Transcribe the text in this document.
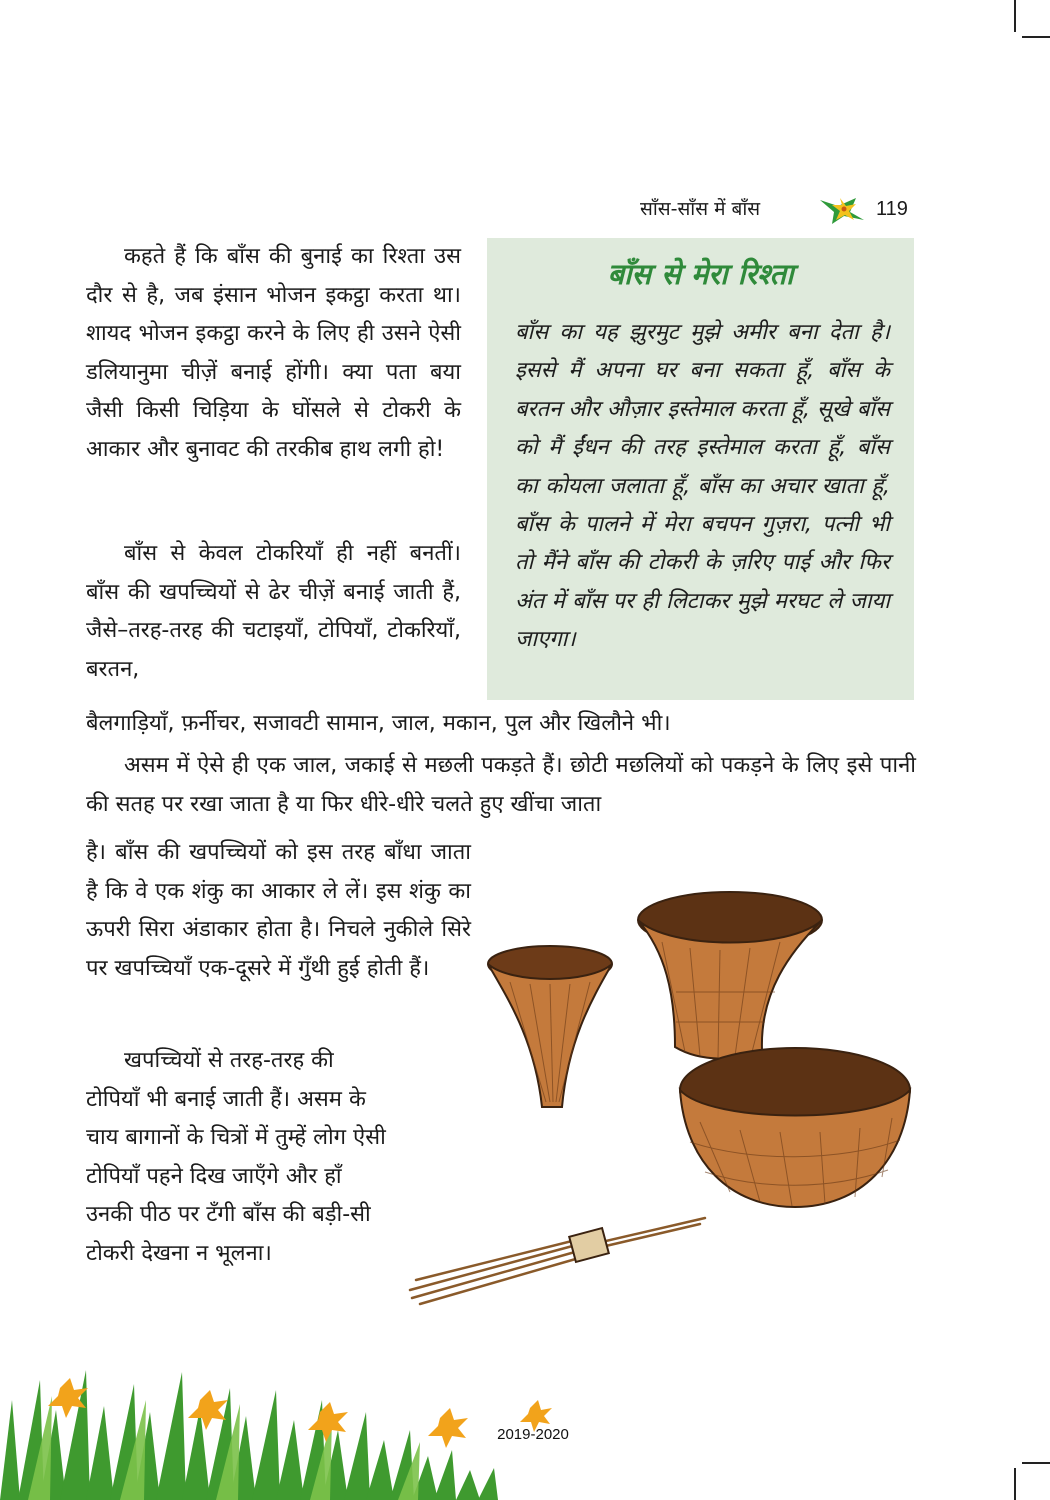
साँस-साँस में बाँस	119

कहते हैं कि बाँस की बुनाई का रिश्ता उस दौर से है, जब इंसान भोजन इकट्ठा करता था। शायद भोजन इकट्ठा करने के लिए ही उसने ऐसी डलियानुमा चीज़ें बनाई होंगी। क्या पता बया जैसी किसी चिड़िया के घोंसले से टोकरी के आकार और बुनावट की तरकीब हाथ लगी हो!

बाँस से केवल टोकरियाँ ही नहीं बनतीं। बाँस की खपच्चियों से ढेर चीज़ें बनाई जाती हैं, जैसे–तरह-तरह की चटाइयाँ, टोपियाँ, टोकरियाँ, बरतन,

बैलगाड़ियाँ, फ़र्नीचर, सजावटी सामान, जाल, मकान, पुल और खिलौने भी।

असम में ऐसे ही एक जाल, जकाई से मछली पकड़ते हैं। छोटी मछलियों को पकड़ने के लिए इसे पानी की सतह पर रखा जाता है या फिर धीरे-धीरे चलते हुए खींचा जाता

है। बाँस की खपच्चियों को इस तरह बाँधा जाता है कि वे एक शंकु का आकार ले लें। इस शंकु का ऊपरी सिरा अंडाकार होता है। निचले नुकीले सिरे पर खपच्चियाँ एक-दूसरे में गुँथी हुई होती हैं।

खपच्चियों से तरह-तरह की टोपियाँ भी बनाई जाती हैं। असम के चाय बागानों के चित्रों में तुम्हें लोग ऐसी टोपियाँ पहने दिख जाएँगे और हाँ उनकी पीठ पर टँगी बाँस की बड़ी-सी टोकरी देखना न भूलना।

बाँस से मेरा रिश्ता

बाँस का यह झुरमुट मुझे अमीर बना देता है। इससे मैं अपना घर बना सकता हूँ, बाँस के बरतन और औज़ार इस्तेमाल करता हूँ, सूखे बाँस को मैं ईंधन की तरह इस्तेमाल करता हूँ, बाँस का कोयला जलाता हूँ, बाँस का अचार खाता हूँ, बाँस के पालने में मेरा बचपन गुज़रा, पत्नी भी तो मैंने बाँस की टोकरी के ज़रिए पाई और फिर अंत में बाँस पर ही लिटाकर मुझे मरघट ले जाया जाएगा।

2019-2020
